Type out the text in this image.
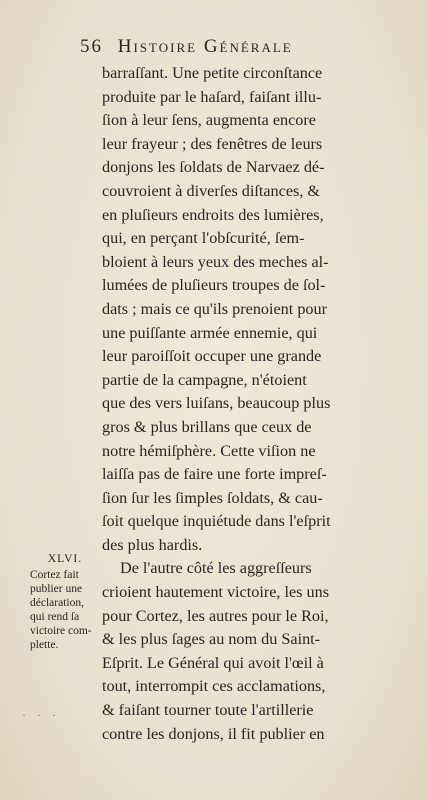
56 Histoire Générale
barraſſant. Une petite circonſtance
produite par le haſard, faiſant illu-
ſion à leur ſens, augmenta encore
leur frayeur ; des fenêtres de leurs
donjons les ſoldats de Narvaez dé-
couvroient à diverſes diſtances, &
en pluſieurs endroits des lumières,
qui, en perçant l'obſcurité, ſem-
bloient à leurs yeux des meches al-
lumées de pluſieurs troupes de ſol-
dats ; mais ce qu'ils prenoient pour
une puiſſante armée ennemie, qui
leur paroiſſoit occuper une grande
partie de la campagne, n'étoient
que des vers luiſans, beaucoup plus
gros & plus brillans que ceux de
notre hémiſphère. Cette viſion ne
laiſſa pas de faire une forte impreſ-
ſion ſur les ſimples ſoldats, & cau-
ſoit quelque inquiétude dans l'eſprit
des plus hardis.
De l'autre côté les aggreſſeurs
crioient hautement victoire, les uns
pour Cortez, les autres pour le Roi,
& les plus ſages au nom du Saint-
Eſprit. Le Général qui avoit l'œil à
tout, interrompit ces acclamations,
& faiſant tourner toute l'artillerie
contre les donjons, il fit publier en
XLVI.
Cortez fait
publier une
déclaration,
qui rend ſa
victoire com-
plette.
· · ·
